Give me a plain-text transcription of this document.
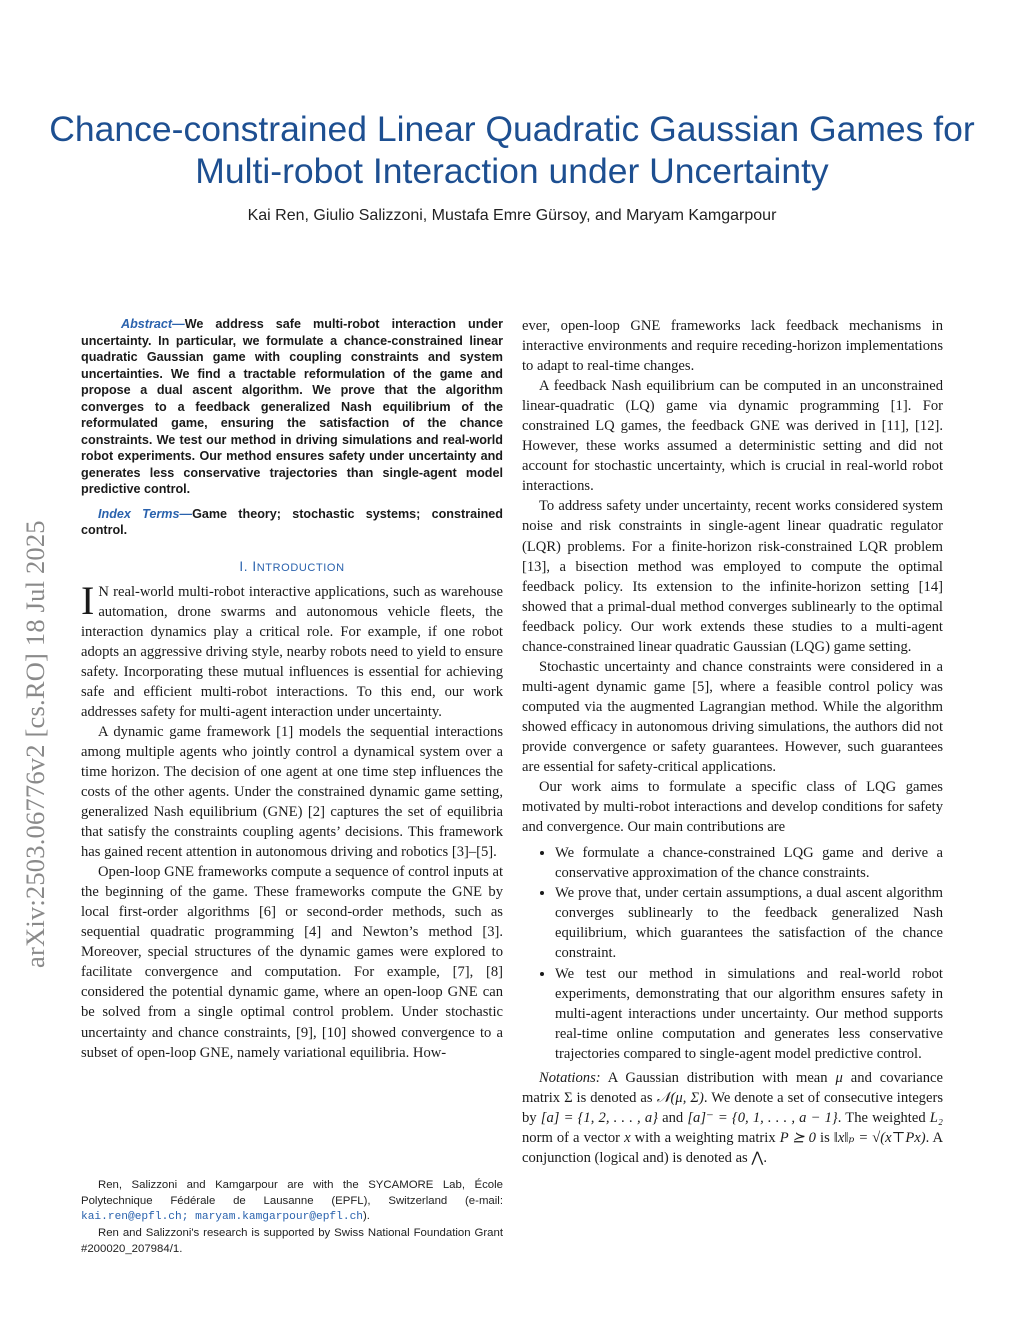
arXiv:2503.06776v2 [cs.RO] 18 Jul 2025
Chance-constrained Linear Quadratic Gaussian Games for Multi-robot Interaction under Uncertainty
Kai Ren, Giulio Salizzoni, Mustafa Emre Gürsoy, and Maryam Kamgarpour

Abstract—We address safe multi-robot interaction under uncertainty. In particular, we formulate a chance-constrained linear quadratic Gaussian game with coupling constraints and system uncertainties. We find a tractable reformulation of the game and propose a dual ascent algorithm. We prove that the algorithm converges to a feedback generalized Nash equilibrium of the reformulated game, ensuring the satisfaction of the chance constraints. We test our method in driving simulations and real-world robot experiments. Our method ensures safety under uncertainty and generates less conservative trajectories than single-agent model predictive control.

Index Terms—Game theory; stochastic systems; constrained control.

I. INTRODUCTION

I N real-world multi-robot interactive applications, such as warehouse automation, drone swarms and autonomous vehicle fleets, the interaction dynamics play a critical role. For example, if one robot adopts an aggressive driving style, nearby robots need to yield to ensure safety. Incorporating these mutual influences is essential for achieving safe and efficient multi-robot interactions. To this end, our work addresses safety for multi-agent interaction under uncertainty.

A dynamic game framework [1] models the sequential interactions among multiple agents who jointly control a dynamical system over a time horizon. The decision of one agent at one time step influences the costs of the other agents. Under the constrained dynamic game setting, generalized Nash equilibrium (GNE) [2] captures the set of equilibria that satisfy the constraints coupling agents’ decisions. This framework has gained recent attention in autonomous driving and robotics [3]–[5].

Open-loop GNE frameworks compute a sequence of control inputs at the beginning of the game. These frameworks compute the GNE by local first-order algorithms [6] or second-order methods, such as sequential quadratic programming [4] and Newton’s method [3]. Moreover, special structures of the dynamic games were explored to facilitate convergence and computation. For example, [7], [8] considered the potential dynamic game, where an open-loop GNE can be solved from a single optimal control problem. Under stochastic uncertainty and chance constraints, [9], [10] showed convergence to a subset of open-loop GNE, namely variational equilibria. How-

Ren, Salizzoni and Kamgarpour are with the SYCAMORE Lab, École Polytechnique Fédérale de Lausanne (EPFL), Switzerland (e-mail: kai.ren@epfl.ch; maryam.kamgarpour@epfl.ch).

Ren and Salizzoni's research is supported by Swiss National Foundation Grant #200020_207984/1.

ever, open-loop GNE frameworks lack feedback mechanisms in interactive environments and require receding-horizon implementations to adapt to real-time changes.

A feedback Nash equilibrium can be computed in an unconstrained linear-quadratic (LQ) game via dynamic programming [1]. For constrained LQ games, the feedback GNE was derived in [11], [12]. However, these works assumed a deterministic setting and did not account for stochastic uncertainty, which is crucial in real-world robot interactions.

To address safety under uncertainty, recent works considered system noise and risk constraints in single-agent linear quadratic regulator (LQR) problems. For a finite-horizon risk-constrained LQR problem [13], a bisection method was employed to compute the optimal feedback policy. Its extension to the infinite-horizon setting [14] showed that a primal-dual method converges sublinearly to the optimal feedback policy. Our work extends these studies to a multi-agent chance-constrained linear quadratic Gaussian (LQG) game setting.

Stochastic uncertainty and chance constraints were considered in a multi-agent dynamic game [5], where a feasible control policy was computed via the augmented Lagrangian method. While the algorithm showed efficacy in autonomous driving simulations, the authors did not provide convergence or safety guarantees. However, such guarantees are essential for safety-critical applications.

Our work aims to formulate a specific class of LQG games motivated by multi-robot interactions and develop conditions for safety and convergence. Our main contributions are

• We formulate a chance-constrained LQG game and derive a conservative approximation of the chance constraints.
• We prove that, under certain assumptions, a dual ascent algorithm converges sublinearly to the feedback generalized Nash equilibrium, which guarantees the satisfaction of the chance constraint.
• We test our method in simulations and real-world robot experiments, demonstrating that our algorithm ensures safety in multi-agent interactions under uncertainty. Our method supports real-time online computation and generates less conservative trajectories compared to single-agent model predictive control.

Notations: A Gaussian distribution with mean μ and covariance matrix Σ is denoted as 𝒩(μ, Σ). We denote a set of consecutive integers by [a] = {1, 2, . . . , a} and [a]⁻ = {0, 1, . . . , a − 1}. The weighted L₂ norm of a vector x with a weighting matrix P ⪰ 0 is ‖x‖ₚ = √(x⊤Px). A conjunction (logical and) is denoted as ⋀.
